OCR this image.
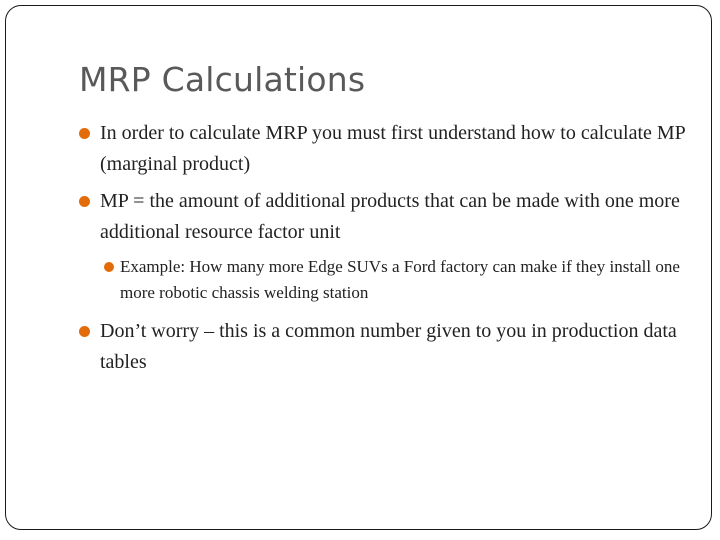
MRP Calculations
In order to calculate MRP you must first understand how to calculate MP (marginal product)
MP = the amount of additional products that can be made with one more additional resource factor unit
Example: How many more Edge SUVs a Ford factory can make if they install one more robotic chassis welding station
Don’t worry – this is a common number given to you in production data tables
